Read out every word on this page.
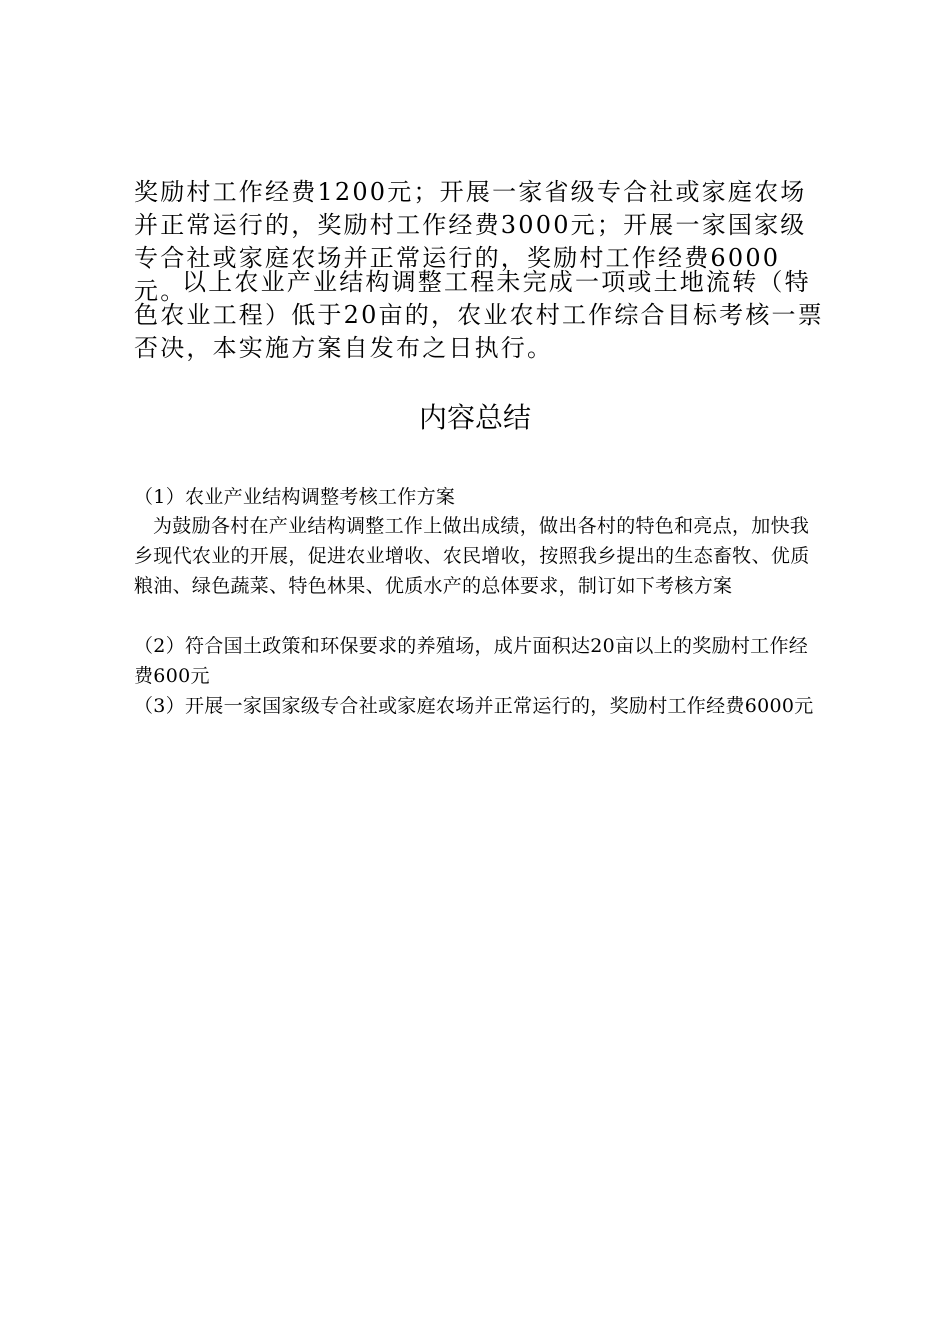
奖励村工作经费1200元；开展一家省级专合社或家庭农场并正常运行的，奖励村工作经费3000元；开展一家国家级专合社或家庭农场并正常运行的，奖励村工作经费6000元。

以上农业产业结构调整工程未完成一项或土地流转（特色农业工程）低于20亩的，农业农村工作综合目标考核一票否决，本实施方案自发布之日执行。

内容总结

（1）农业产业结构调整考核工作方案

为鼓励各村在产业结构调整工作上做出成绩，做出各村的特色和亮点，加快我乡现代农业的开展，促进农业增收、农民增收，按照我乡提出的生态畜牧、优质粮油、绿色蔬菜、特色林果、优质水产的总体要求，制订如下考核方案

（2）符合国土政策和环保要求的养殖场，成片面积达20亩以上的奖励村工作经费600元

（3）开展一家国家级专合社或家庭农场并正常运行的，奖励村工作经费6000元
